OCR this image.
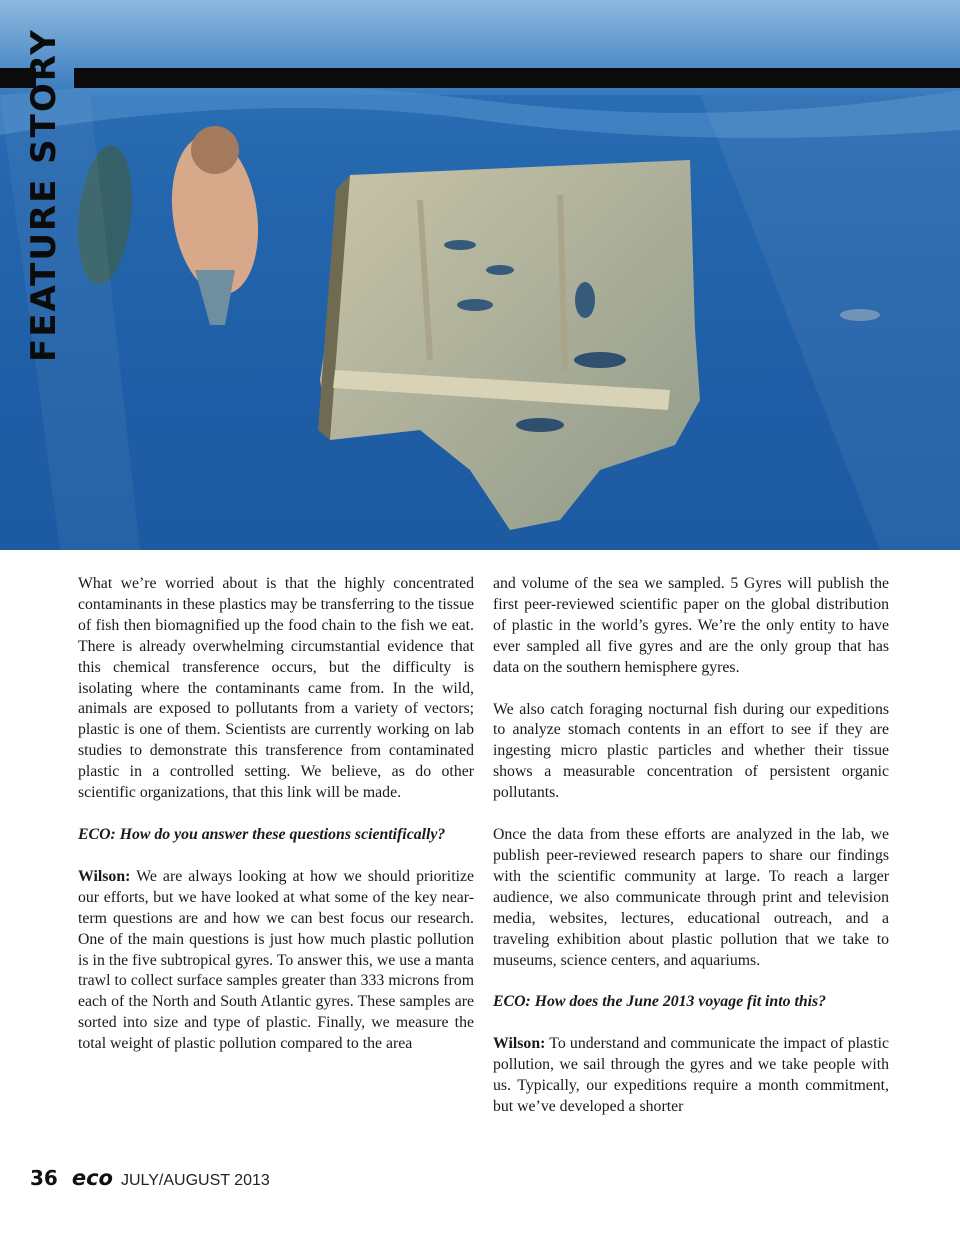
FEATURE STORY

What we’re worried about is that the highly concentrated contaminants in these plastics may be transferring to the tissue of fish then biomagnified up the food chain to the fish we eat. There is already overwhelming circumstantial evidence that this chemical transference occurs, but the difficulty is isolating where the contaminants came from. In the wild, animals are exposed to pollutants from a variety of vectors; plastic is one of them. Scientists are currently working on lab studies to demonstrate this transference from contaminated plastic in a controlled setting. We believe, as do other scientific organizations, that this link will be made.

ECO: How do you answer these questions scientifically?

Wilson: We are always looking at how we should prioritize our efforts, but we have looked at what some of the key near-term questions are and how we can best focus our research. One of the main questions is just how much plastic pollution is in the five subtropical gyres. To answer this, we use a manta trawl to collect surface samples greater than 333 microns from each of the North and South Atlantic gyres. These samples are sorted into size and type of plastic. Finally, we measure the total weight of plastic pollution compared to the area

and volume of the sea we sampled. 5 Gyres will publish the first peer-reviewed scientific paper on the global distribution of plastic in the world’s gyres. We’re the only entity to have ever sampled all five gyres and are the only group that has data on the southern hemisphere gyres.

We also catch foraging nocturnal fish during our expeditions to analyze stomach contents in an effort to see if they are ingesting micro plastic particles and whether their tissue shows a measurable concentration of persistent organic pollutants.

Once the data from these efforts are analyzed in the lab, we publish peer-reviewed research papers to share our findings with the scientific community at large. To reach a larger audience, we also communicate through print and television media, websites, lectures, educational outreach, and a traveling exhibition about plastic pollution that we take to museums, science centers, and aquariums.

ECO: How does the June 2013 voyage fit into this?

Wilson: To understand and communicate the impact of plastic pollution, we sail through the gyres and we take people with us. Typically, our expeditions require a month commitment, but we’ve developed a shorter

36 eco JULY/AUGUST 2013
